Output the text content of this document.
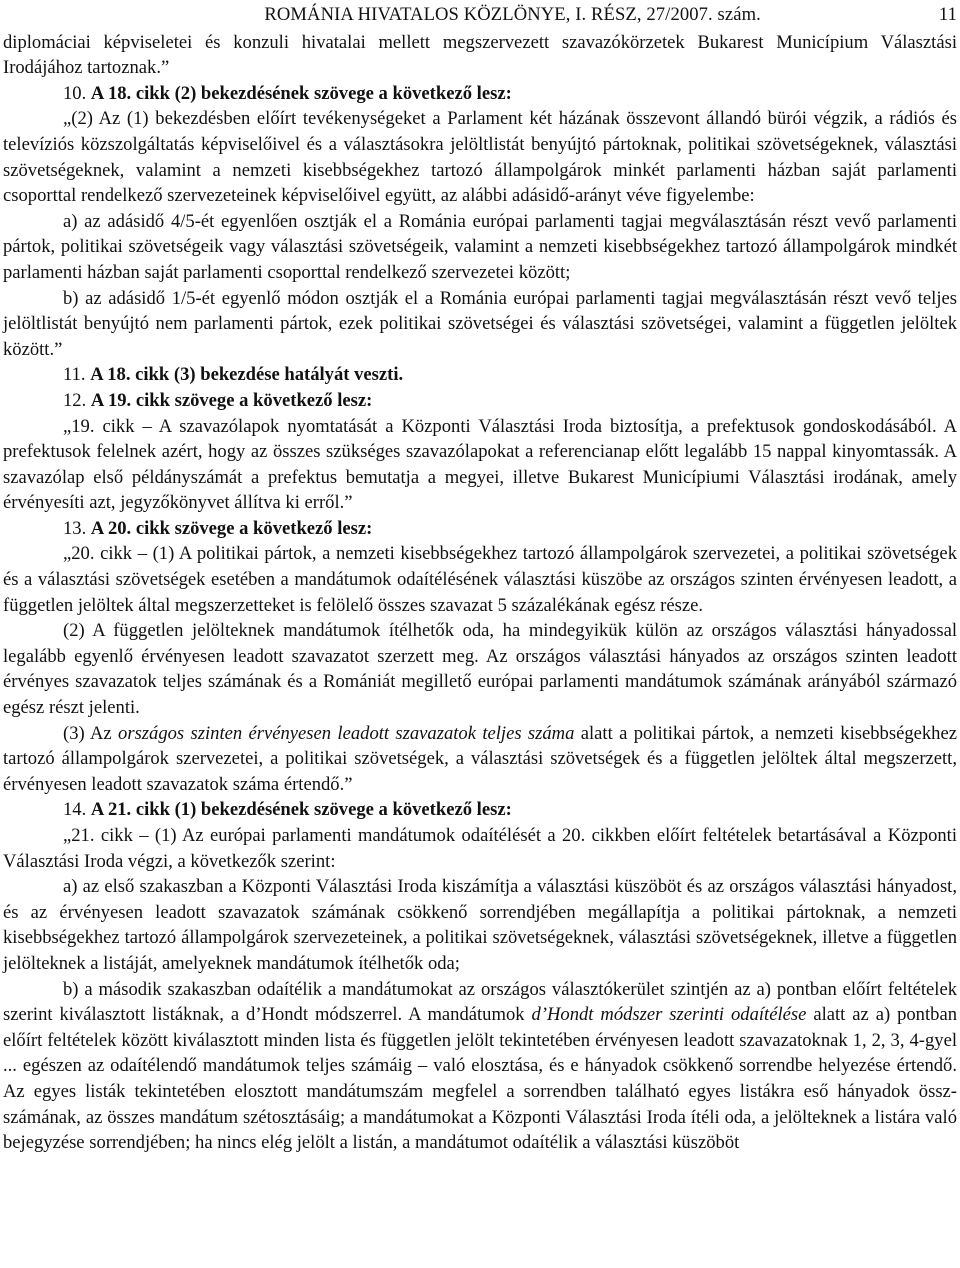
ROMÁNIA HIVATALOS KÖZLÖNYE, I. RÉSZ, 27/2007. szám.	11

diplomáciai képviseletei és konzuli hivatalai mellett megszervezett szavazókörzetek Bukarest Municípium Választási Irodájához tartoznak.”

10. A 18. cikk (2) bekezdésének szövege a következő lesz:

„(2) Az (1) bekezdésben előírt tevékenységeket a Parlament két házának összevont állandó bürói végzik, a rádiós és televíziós közszolgáltatás képviselőivel és a választásokra jelöltlistát benyújtó pártoknak, politikai szövetségeknek, választási szövetségeknek, valamint a nemzeti kisebbségekhez tartozó állampolgárok minkét parlamenti házban saját parlamenti csoporttal rendelkező szervezeteinek képviselőivel együtt, az alábbi adásidő-arányt véve figyelembe:

a) az adásidő 4/5-ét egyenlően osztják el a Románia európai parlamenti tagjai megválasztásán részt vevő parlamenti pártok, politikai szövetségeik vagy választási szövetségeik, valamint a nemzeti kisebbségekhez tartozó állampolgárok mindkét parlamenti házban saját parlamenti csoporttal rendelkező szervezetei között;

b) az adásidő 1/5-ét egyenlő módon osztják el a Románia európai parlamenti tagjai megválasztásán részt vevő teljes jelöltlistát benyújtó nem parlamenti pártok, ezek politikai szövetségei és választási szövetségei, valamint a független jelöltek között.”

11. A 18. cikk (3) bekezdése hatályát veszti.

12. A 19. cikk szövege a következő lesz:

„19. cikk – A szavazólapok nyomtatását a Központi Választási Iroda biztosítja, a prefektusok gondoskodásából. A prefektusok felelnek azért, hogy az összes szükséges szavazólapokat a referencianap előtt legalább 15 nappal kinyomtassák. A szavazólap első példányszámát a prefektus bemutatja a megyei, illetve Bukarest Municípiumi Választási irodának, amely érvényesíti azt, jegyzőkönyvet állítva ki erről.”

13. A 20. cikk szövege a következő lesz:

„20. cikk – (1) A politikai pártok, a nemzeti kisebbségekhez tartozó állampolgárok szervezetei, a politikai szövetségek és a választási szövetségek esetében a mandátumok odaítélésének választási küszöbe az országos szinten érvényesen leadott, a független jelöltek által megszerzetteket is felölelő összes szavazat 5 százalékának egész része.

(2) A független jelölteknek mandátumok ítélhetők oda, ha mindegyikük külön az országos választási hányadossal legalább egyenlő érvényesen leadott szavazatot szerzett meg. Az országos választási hányados az országos szinten leadott érvényes szavazatok teljes számának és a Romániát megillető európai parlamenti mandátumok számának arányából származó egész részt jelenti.

(3) Az országos szinten érvényesen leadott szavazatok teljes száma alatt a politikai pártok, a nemzeti kisebbségekhez tartozó állampolgárok szervezetei, a politikai szövetségek, a választási szövetségek és a független jelöltek által megszerzett, érvényesen leadott szavazatok száma értendő.”

14. A 21. cikk (1) bekezdésének szövege a következő lesz:

„21. cikk – (1) Az európai parlamenti mandátumok odaítélését a 20. cikkben előírt feltételek betartásával a Központi Választási Iroda végzi, a következők szerint:

a) az első szakaszban a Központi Választási Iroda kiszámítja a választási küszöböt és az országos választási hányadost, és az érvényesen leadott szavazatok számának csökkenő sorrendjében megállapítja a politikai pártoknak, a nemzeti kisebbségekhez tartozó állampolgárok szervezeteinek, a politikai szövetségeknek, választási szövetségeknek, illetve a független jelölteknek a listáját, amelyeknek mandátumok ítélhetők oda;

b) a második szakaszban odaítélik a mandátumokat az országos választókerület szintjén az a) pontban előírt feltételek szerint kiválasztott listáknak, a d’Hondt módszerrel. A mandátumok d’Hondt módszer szerinti odaítélése alatt az a) pontban előírt feltételek között kiválasztott minden lista és független jelölt tekintetében érvényesen leadott szavazatoknak 1, 2, 3, 4-gyel ... egészen az odaítélendő mandátumok teljes számáig – való elosztása, és e hányadok csökkenő sorrendbe helyezése értendő. Az egyes listák tekintetében elosztott mandátumszám megfelel a sorrendben található egyes listákra eső hányadok össz-számának, az összes mandátum szétosztásáig; a mandátumokat a Központi Választási Iroda ítéli oda, a jelölteknek a listára való bejegyzése sorrendjében; ha nincs elég jelölt a listán, a mandátumot odaítélik a választási küszöböt
